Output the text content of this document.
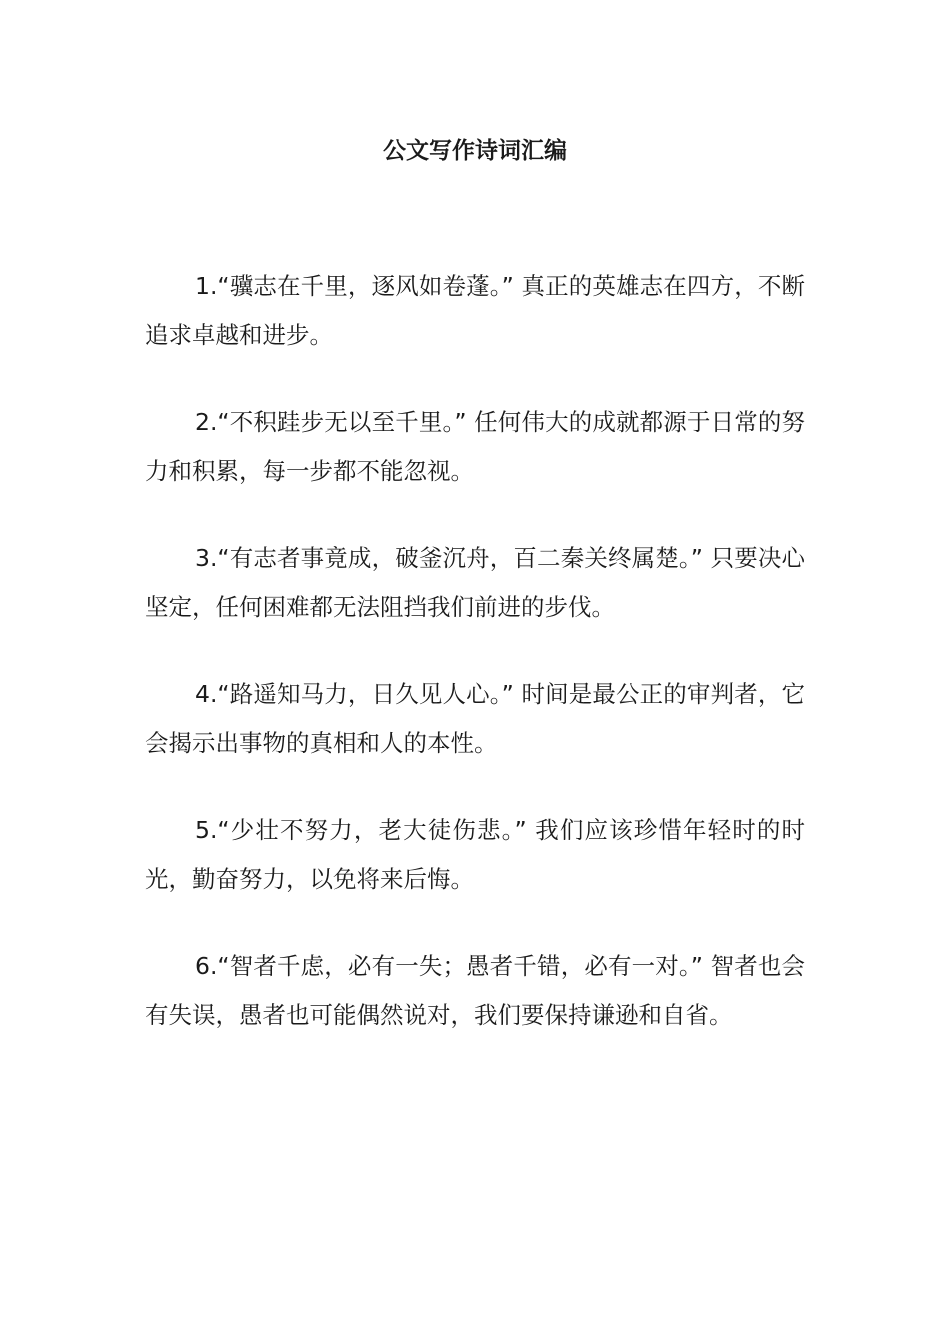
公文写作诗词汇编

1.“骥志在千里，逐风如卷蓬。” 真正的英雄志在四方，不断追求卓越和进步。

2.“不积跬步无以至千里。” 任何伟大的成就都源于日常的努力和积累，每一步都不能忽视。

3.“有志者事竟成，破釜沉舟，百二秦关终属楚。” 只要决心坚定，任何困难都无法阻挡我们前进的步伐。

4.“路遥知马力，日久见人心。” 时间是最公正的审判者，它会揭示出事物的真相和人的本性。

5.“少壮不努力，老大徒伤悲。” 我们应该珍惜年轻时的时光，勤奋努力，以免将来后悔。

6.“智者千虑，必有一失；愚者千错，必有一对。” 智者也会有失误，愚者也可能偶然说对，我们要保持谦逊和自省。
